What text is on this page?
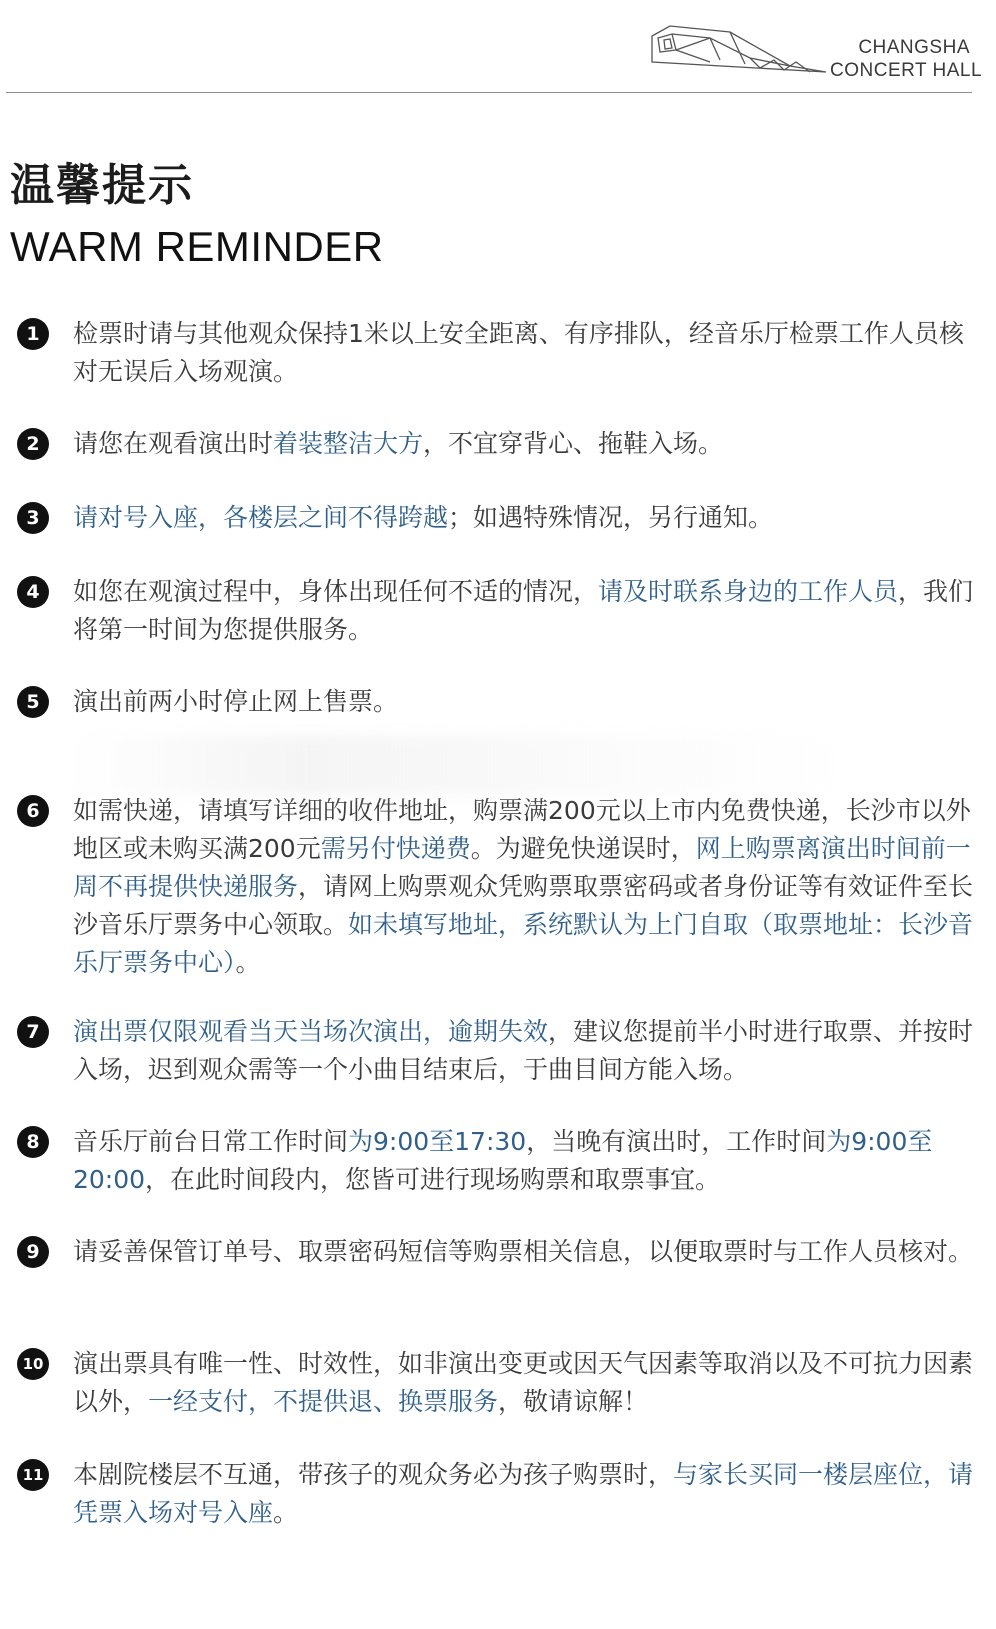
CHANGSHA
CONCERT HALL
温馨提示
WARM REMINDER
1	检票时请与其他观众保持1米以上安全距离、有序排队，经音乐厅检票工作人员核对无误后入场观演。

2	请您在观看演出时着装整洁大方，不宜穿背心、拖鞋入场。

3	请对号入座，各楼层之间不得跨越；如遇特殊情况，另行通知。

4	如您在观演过程中，身体出现任何不适的情况，请及时联系身边的工作人员，我们将第一时间为您提供服务。

5	演出前两小时停止网上售票。

6	如需快递，请填写详细的收件地址，购票满200元以上市内免费快递，长沙市以外地区或未购买满200元需另付快递费。为避免快递误时，网上购票离演出时间前一周不再提供快递服务，请网上购票观众凭购票取票密码或者身份证等有效证件至长沙音乐厅票务中心领取。如未填写地址，系统默认为上门自取（取票地址：长沙音乐厅票务中心）。

7	演出票仅限观看当天当场次演出，逾期失效，建议您提前半小时进行取票、并按时入场，迟到观众需等一个小曲目结束后，于曲目间方能入场。

8	音乐厅前台日常工作时间为9:00至17:30，当晚有演出时，工作时间为9:00至20:00，在此时间段内，您皆可进行现场购票和取票事宜。

9	请妥善保管订单号、取票密码短信等购票相关信息，以便取票时与工作人员核对。

10 演出票具有唯一性、时效性，如非演出变更或因天气因素等取消以及不可抗力因素以外，一经支付，不提供退、换票服务，敬请谅解！

11 本剧院楼层不互通，带孩子的观众务必为孩子购票时，与家长买同一楼层座位，请凭票入场对号入座。
